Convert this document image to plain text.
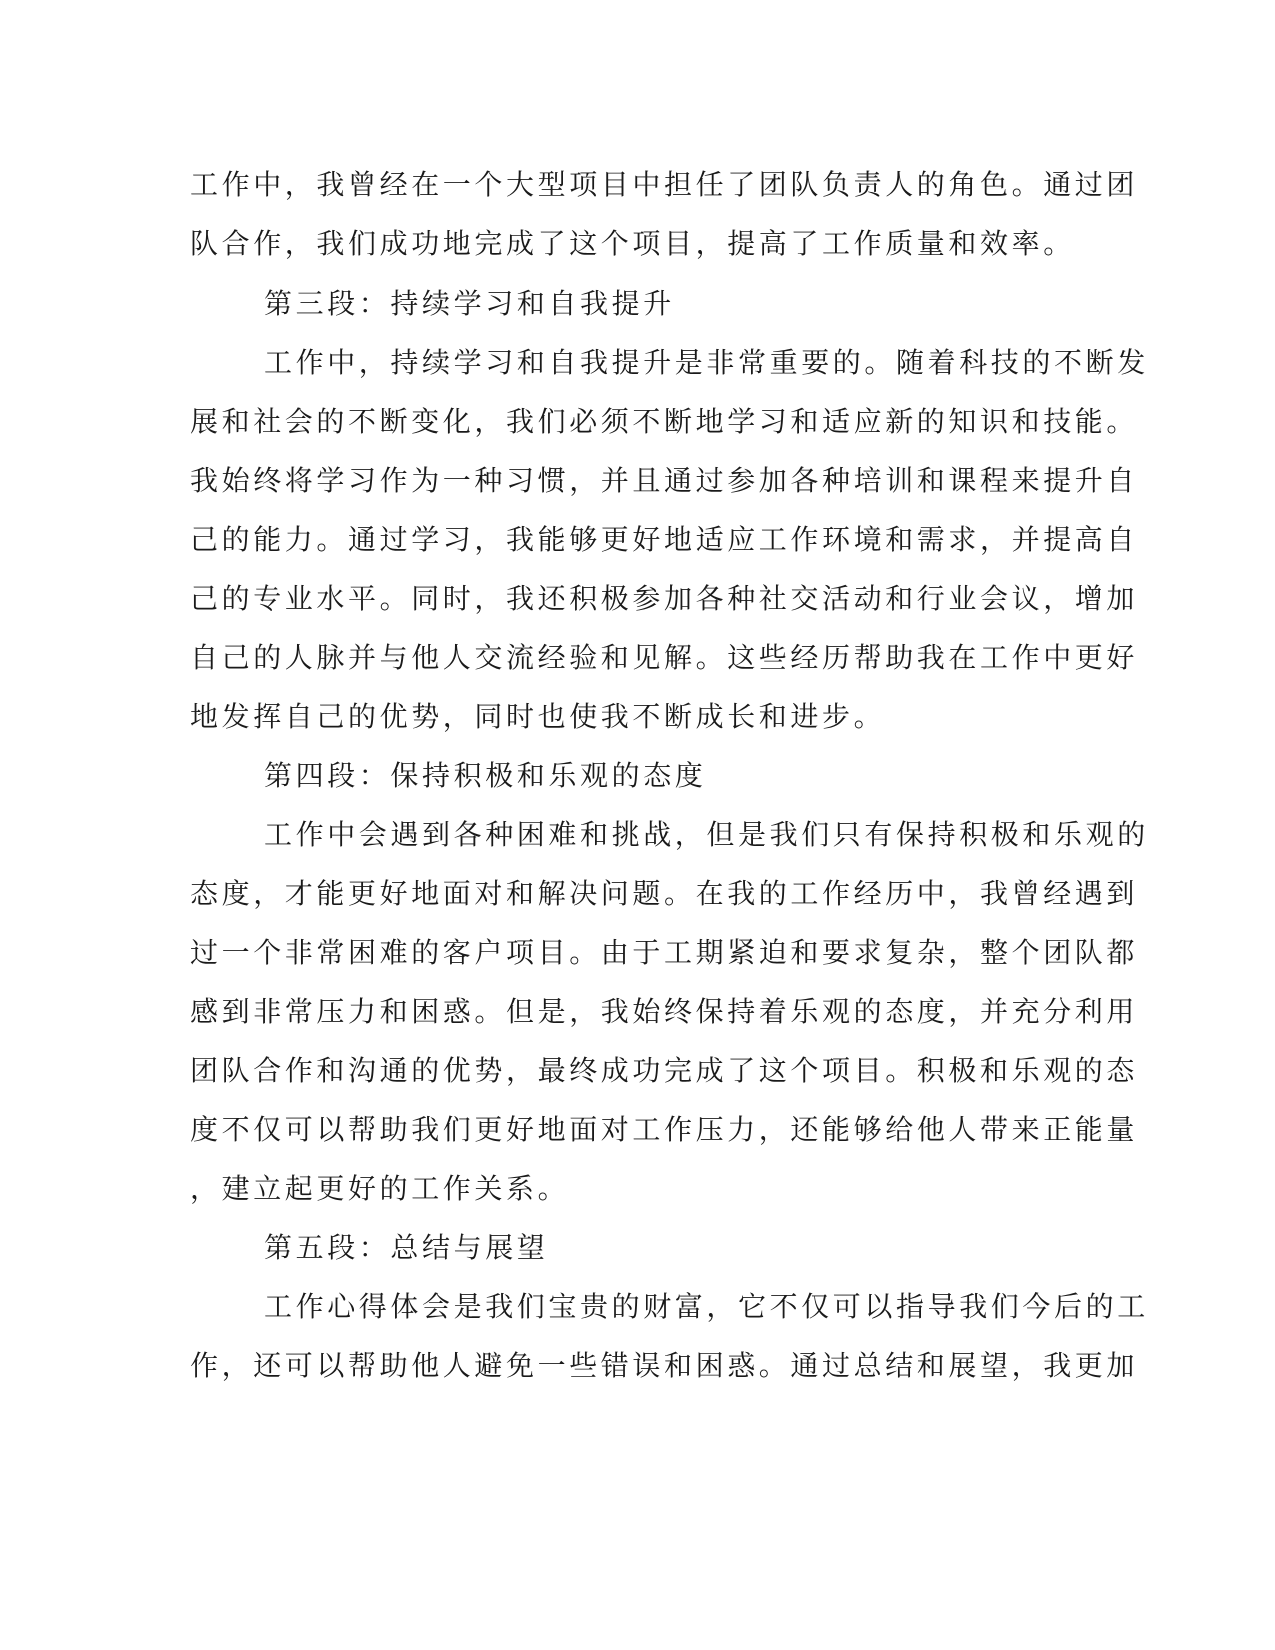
工作中，我曾经在一个大型项目中担任了团队负责人的角色。通过团
队合作，我们成功地完成了这个项目，提高了工作质量和效率。
第三段：持续学习和自我提升
工作中，持续学习和自我提升是非常重要的。随着科技的不断发
展和社会的不断变化，我们必须不断地学习和适应新的知识和技能。
我始终将学习作为一种习惯，并且通过参加各种培训和课程来提升自
己的能力。通过学习，我能够更好地适应工作环境和需求，并提高自
己的专业水平。同时，我还积极参加各种社交活动和行业会议，增加
自己的人脉并与他人交流经验和见解。这些经历帮助我在工作中更好
地发挥自己的优势，同时也使我不断成长和进步。
第四段：保持积极和乐观的态度
工作中会遇到各种困难和挑战，但是我们只有保持积极和乐观的
态度，才能更好地面对和解决问题。在我的工作经历中，我曾经遇到
过一个非常困难的客户项目。由于工期紧迫和要求复杂，整个团队都
感到非常压力和困惑。但是，我始终保持着乐观的态度，并充分利用
团队合作和沟通的优势，最终成功完成了这个项目。积极和乐观的态
度不仅可以帮助我们更好地面对工作压力，还能够给他人带来正能量
，建立起更好的工作关系。
第五段：总结与展望
工作心得体会是我们宝贵的财富，它不仅可以指导我们今后的工
作，还可以帮助他人避免一些错误和困惑。通过总结和展望，我更加
